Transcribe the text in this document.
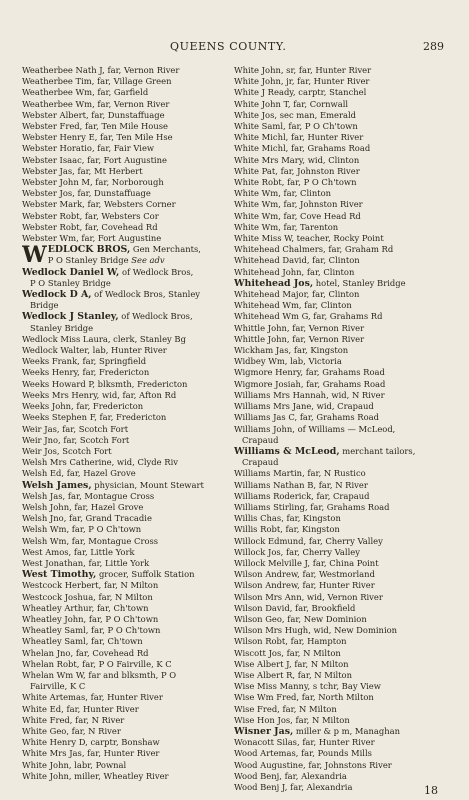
QUEENS COUNTY.	289
Weatherbee Nath J, far, Vernon River
Weatherbee Tim, far, Village Green
Weatherbee Wm, far, Garfield
Weatherbee Wm, far, Vernon River
Webster Albert, far, Dunstaffuage
Webster Fred, far, Ten Mile House
Webster Henry E, far, Ten Mile Hse
Webster Horatio, far, Fair View
Webster Isaac, far, Fort Augustine
Webster Jas, far, Mt Herbert
Webster John M, far, Norborough
Webster Jos, far, Dunstaffuage
Webster Mark, far, Websters Corner
Webster Robt, far, Websters Cor
Webster Robt, far, Covehead Rd
Webster Wm, far, Fort Augustine
WEDLOCK BROS, Gen Merchants,
P O Stanley Bridge See adv
Wedlock Daniel W, of Wedlock Bros,
P O Stanley Bridge
Wedlock D A, of Wedlock Bros, Stanley
Bridge
Wedlock J Stanley, of Wedlock Bros,
Stanley Bridge
Wedlock Miss Laura, clerk, Stanley Bg
Wedlock Walter, lab, Hunter River
Weeks Frank, far, Springfield
Weeks Henry, far, Fredericton
Weeks Howard P, blksmth, Fredericton
Weeks Mrs Henry, wid, far, Afton Rd
Weeks John, far, Fredericton
Weeks Stephen F, far, Fredericton
Weir Jas, far, Scotch Fort
Weir Jno, far, Scotch Fort
Weir Jos, Scotch Fort
Welsh Mrs Catherine, wid, Clyde Riv
Welsh Ed, far, Hazel Grove
Welsh James, physician, Mount Stewart
Welsh Jas, far, Montague Cross
Welsh John, far, Hazel Grove
Welsh Jno, far, Grand Tracadie
Welsh Wm, far, P O Ch'town
Welsh Wm, far, Montague Cross
West Amos, far, Little York
West Jonathan, far, Little York
West Timothy, grocer, Suffolk Station
Westcock Herbert, far, N Milton
Westcock Joshua, far, N Milton
Wheatley Arthur, far, Ch'town
Wheatley John, far, P O Ch'town
Wheatley Saml, far, P O Ch'town
Wheatley Saml, far, Ch'town
Whelan Jno, far, Covehead Rd
Whelan Robt, far, P O Fairville, K C
Whelan Wm W, far and blksmth, P O
Fairville, K C
White Artemas, far, Hunter River
White Ed, far, Hunter River
White Fred, far, N River
White Geo, far, N River
White Henry D, carptr, Bonshaw
White Mrs Jas, far, Hunter River
White John, labr, Pownal
White John, miller, Wheatley River
White John, sr, far, Hunter River
White John, jr, far, Hunter River
White J Ready, carptr, Stanchel
White John T, far, Cornwall
White Jos, sec man, Emerald
White Saml, far, P O Ch'town
White Michl, far, Hunter River
White Michl, far, Grahams Road
White Mrs Mary, wid, Clinton
White Pat, far, Johnston River
White Robt, far, P O Ch'town
White Wm, far, Clinton
White Wm, far, Johnston River
White Wm, far, Cove Head Rd
White Wm, far, Tarenton
White Miss W, teacher, Rocky Point
Whitehead Chalmers, far, Graham Rd
Whitehead David, far, Clinton
Whitehead John, far, Clinton
Whitehead Jos, hotel, Stanley Bridge
Whitehead Major, far, Clinton
Whitehead Wm, far, Clinton
Whitehead Wm G, far, Grahams Rd
Whittle John, far, Vernon River
Whittle John, far, Vernon River
Wickham Jas, far, Kingston
Widbey Wm, lab, Victoria
Wigmore Henry, far, Grahams Road
Wigmore Josiah, far, Grahams Road
Williams Mrs Hannah, wid, N River
Williams Mrs Jane, wid, Crapaud
Williams Jas C, far, Grahams Road
Williams John, of Williams — McLeod,
Crapaud
Williams & McLeod, merchant tailors,
Crapaud
Williams Martin, far, N Rustico
Williams Nathan B, far, N River
Williams Roderick, far, Crapaud
Williams Stirling, far, Grahams Road
Willis Chas, far, Kingston
Willis Robt, far, Kingston
Willock Edmund, far, Cherry Valley
Willock Jos, far, Cherry Valley
Willock Melville J, far, China Point
Wilson Andrew, far, Westmorland
Wilson Andrew, far, Hunter River
Wilson Mrs Ann, wid, Vernon River
Wilson David, far, Brookfield
Wilson Geo, far, New Dominion
Wilson Mrs Hugh, wid, New Dominion
Wilson Robt, far, Hampton
Wiscott Jos, far, N Milton
Wise Albert J, far, N Milton
Wise Albert R, far, N Milton
Wise Miss Manny, s tchr, Bay View
Wise Wm Fred, far, North Milton
Wise Fred, far, N Milton
Wise Hon Jos, far, N Milton
Wisner Jas, miller & p m, Managhan
Wonacott Silas, far, Hunter River
Wood Artemas, far, Pounds Mills
Wood Augustine, far, Johnstons River
Wood Benj, far, Alexandria
Wood Benj J, far, Alexandria	18
